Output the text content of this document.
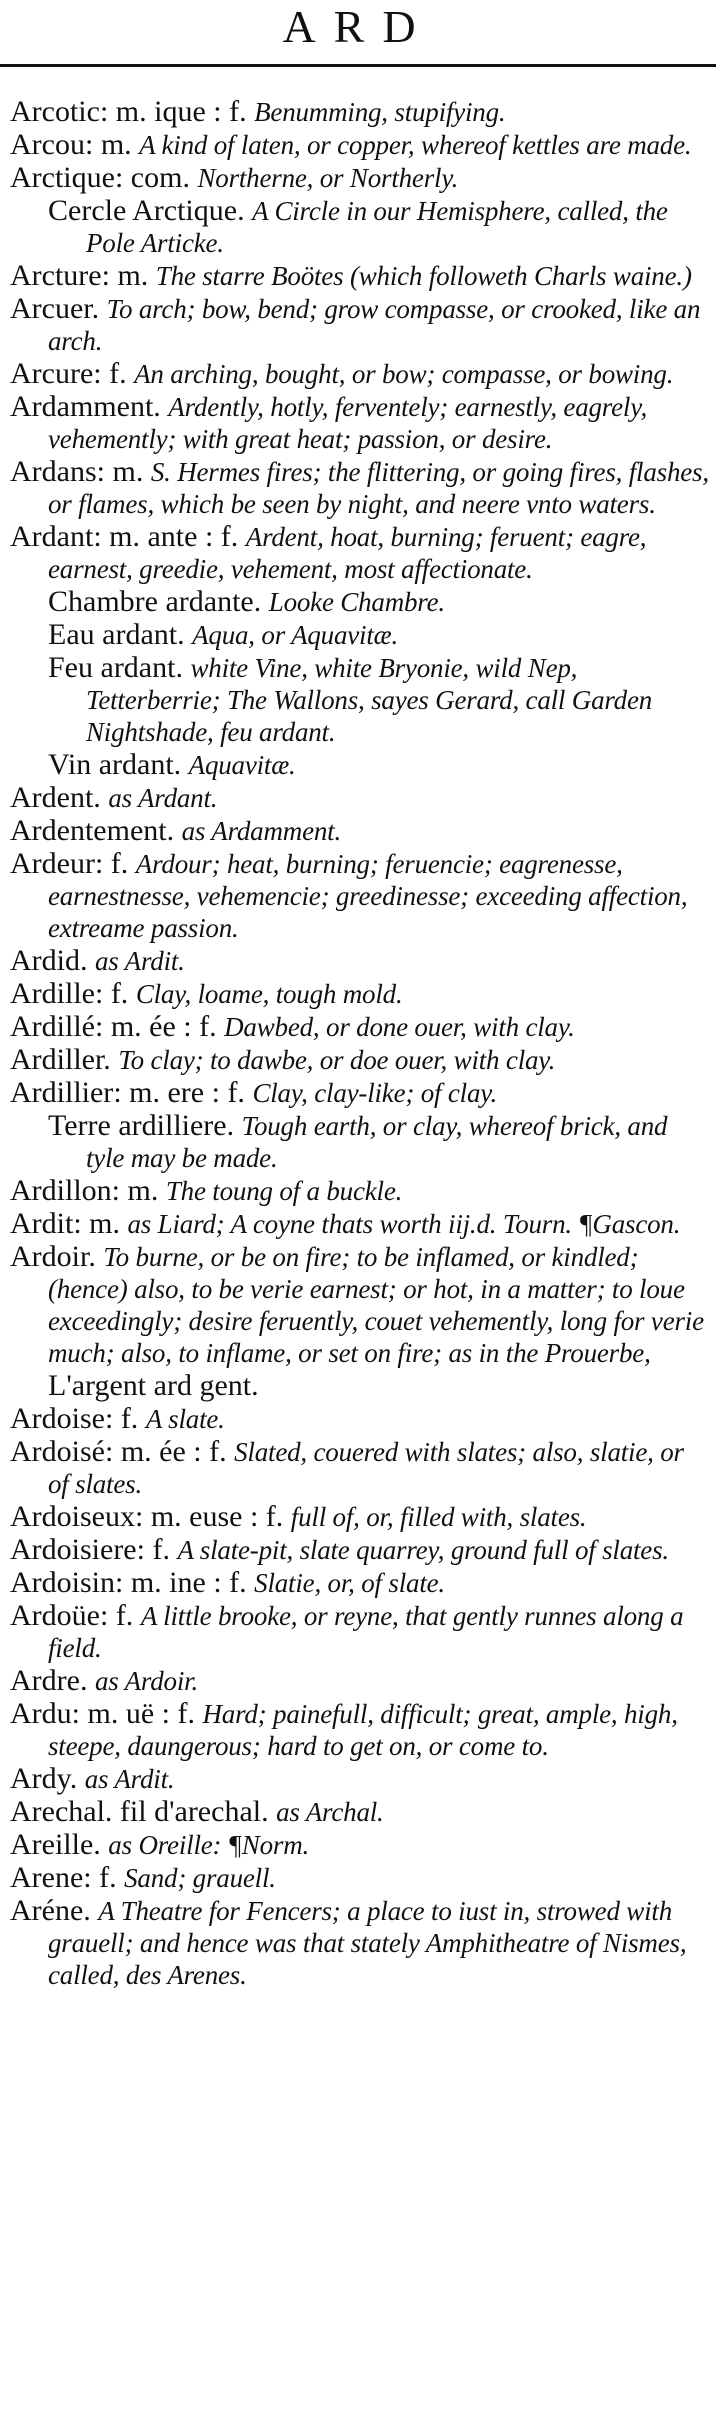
ARD
Arcotic: m. ique : f. Benumming, stupifying.
Arcou: m. A kind of laten, or copper, whereof kettles are made.
Arctique: com. Northerne, or Northerly.
Cercle Arctique. A Circle in our Hemisphere, called, the Pole Articke.
Arcture: m. The starre Boötes (which followeth Charls waine.)
Arcuer. To arch; bow, bend; grow compasse, or crooked, like an arch.
Arcure: f. An arching, bought, or bow; compasse, or bowing.
Ardamment. Ardently, hotly, ferventely; earnestly, eagrely, vehemently; with great heat; passion, or desire.
Ardans: m. S. Hermes fires; the flittering, or going fires, flashes, or flames, which be seen by night, and neere vnto waters.
Ardant: m. ante : f. Ardent, hoat, burning; feruent; eagre, earnest, greedie, vehement, most affectionate.
Chambre ardante. Looke Chambre.
Eau ardant. Aqua, or Aquavitæ.
Feu ardant. white Vine, white Bryonie, wild Nep, Tetterberrie; The Wallons, sayes Gerard, call Garden Nightshade, feu ardant.
Vin ardant. Aquavitæ.
Ardent. as Ardant.
Ardentement. as Ardamment.
Ardeur: f. Ardour; heat, burning; feruencie; eagrenesse, earnestnesse, vehemencie; greedinesse; exceeding affection, extreame passion.
Ardid. as Ardit.
Ardille: f. Clay, loame, tough mold.
Ardillé: m. ée : f. Dawbed, or done ouer, with clay.
Ardiller. To clay; to dawbe, or doe ouer, with clay.
Ardillier: m. ere : f. Clay, clay-like; of clay.
Terre ardilliere. Tough earth, or clay, whereof brick, and tyle may be made.
Ardillon: m. The toung of a buckle.
Ardit: m. as Liard; A coyne thats worth iij.d. Tourn. ¶Gascon.
Ardoir. To burne, or be on fire; to be inflamed, or kindled; (hence) also, to be verie earnest; or hot, in a matter; to loue exceedingly; desire feruently, couet vehemently, long for verie much; also, to inflame, or set on fire; as in the Prouerbe,
L'argent ard gent.
Ardoise: f. A slate.
Ardoisé: m. ée : f. Slated, couered with slates; also, slatie, or of slates.
Ardoiseux: m. euse : f. full of, or, filled with, slates.
Ardoisiere: f. A slate-pit, slate quarrey, ground full of slates.
Ardoisin: m. ine : f. Slatie, or, of slate.
Ardoüe: f. A little brooke, or reyne, that gently runnes along a field.
Ardre. as Ardoir.
Ardu: m. uë : f. Hard; painefull, difficult; great, ample, high, steepe, daungerous; hard to get on, or come to.
Ardy. as Ardit.
Arechal. fil d'arechal. as Archal.
Areille. as Oreille: ¶Norm.
Arene: f. Sand; grauell.
Aréne. A Theatre for Fencers; a place to iust in, strowed with grauell; and hence was that stately Amphitheatre of Nismes, called, des Arenes.
